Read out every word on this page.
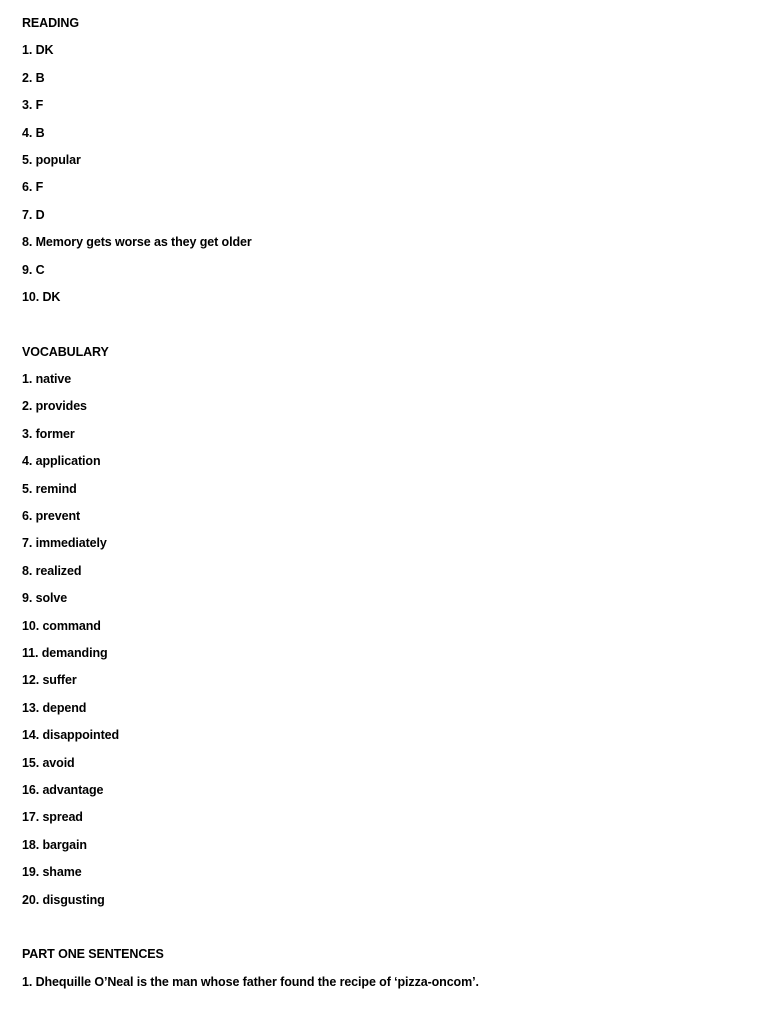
READING
1. DK
2. B
3. F
4. B
5. popular
6. F
7. D
8. Memory gets worse as they get older
9. C
10. DK
VOCABULARY
1. native
2. provides
3. former
4. application
5. remind
6. prevent
7. immediately
8. realized
9. solve
10. command
11. demanding
12. suffer
13. depend
14. disappointed
15. avoid
16. advantage
17. spread
18. bargain
19. shame
20. disgusting
PART ONE SENTENCES
1. Dhequille O’Neal is the man whose father found the recipe of ‘pizza-oncom’.
